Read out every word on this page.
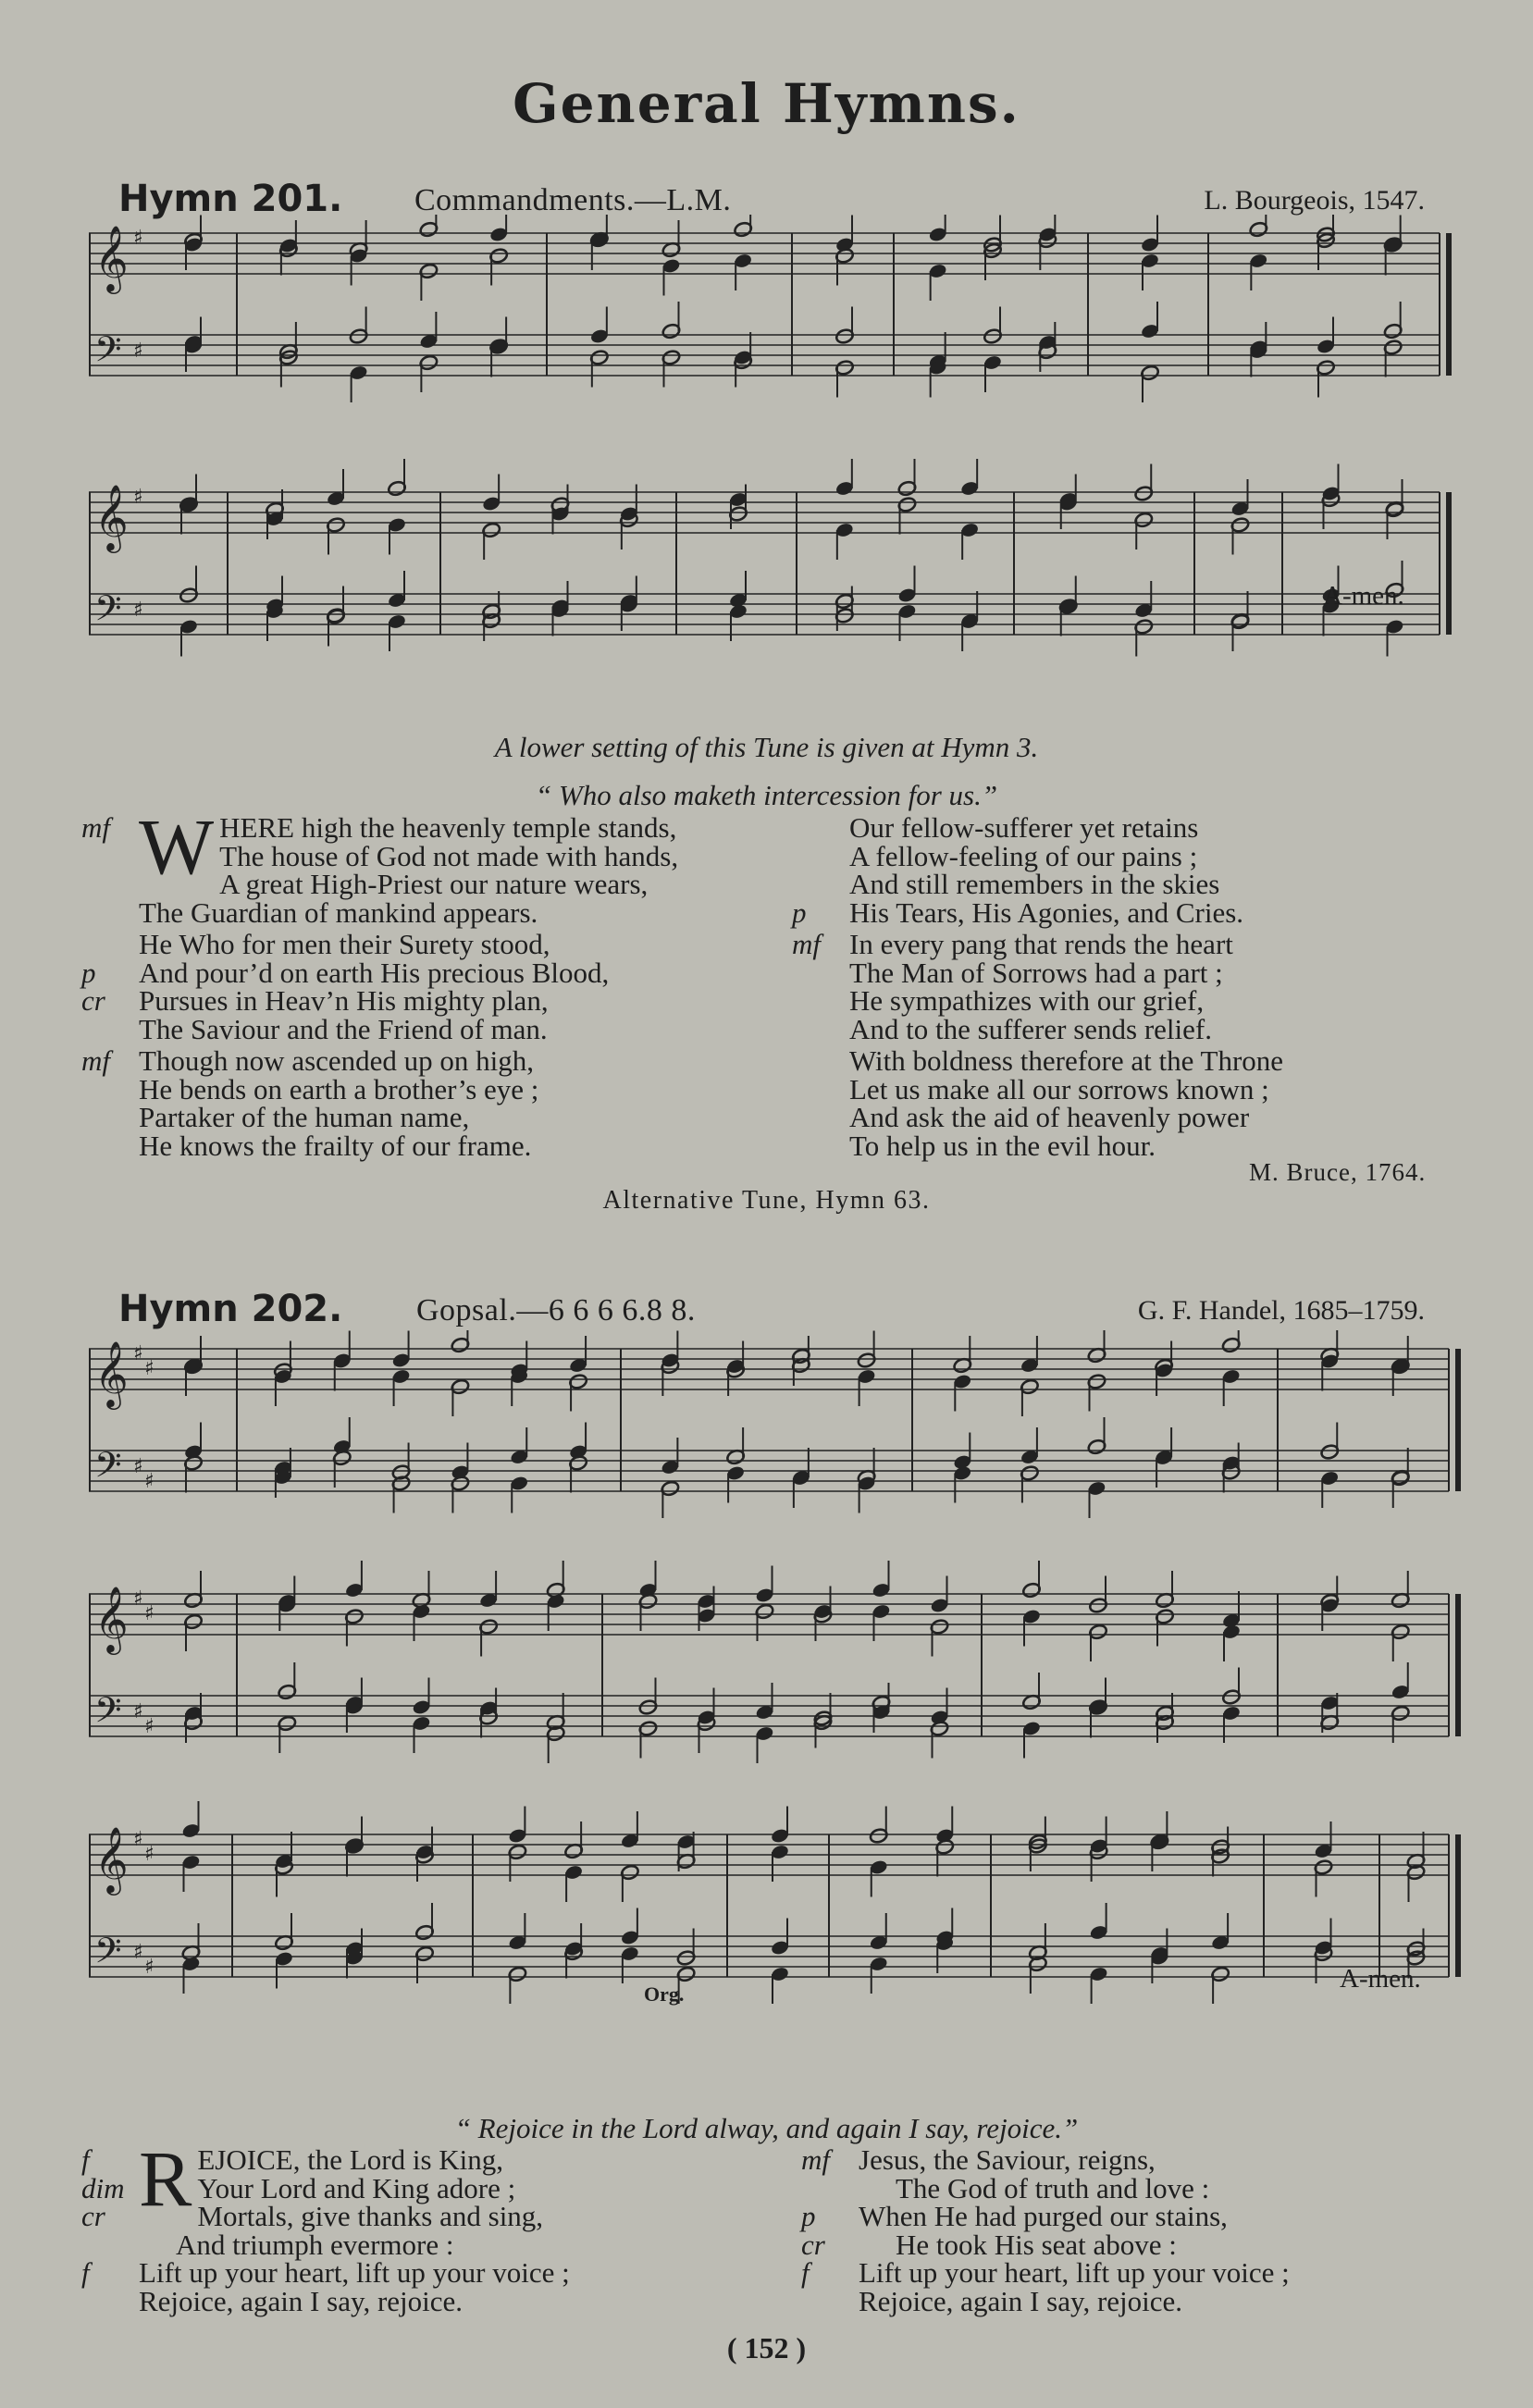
General Hymns.
Hymn 201. Commandments.—L.M.	L. Bourgeois, 1547.
𝄞 ♯
𝄢 ♯
𝄞 ♯
𝄢 ♯	A-men.
A lower setting of this Tune is given at Hymn 3.
“ Who also maketh intercession for us.”
W
mf	HERE high the heavenly temple stands,
The house of God not made with hands,
A great High-Priest our nature wears,
The Guardian of mankind appears.
He Who for men their Surety stood,
p And pour’d on earth His precious Blood,
cr Pursues in Heav’n His mighty plan,
The Saviour and the Friend of man.
mf Though now ascended up on high,
He bends on earth a brother’s eye ;
Partaker of the human name,
He knows the frailty of our frame.
Our fellow-sufferer yet retains
A fellow-feeling of our pains ;
And still remembers in the skies
p His Tears, His Agonies, and Cries.
mf In every pang that rends the heart
The Man of Sorrows had a part ;
He sympathizes with our grief,
And to the sufferer sends relief.
With boldness therefore at the Throne
Let us make all our sorrows known ;
And ask the aid of heavenly power
To help us in the evil hour.
M. Bruce, 1764.
Alternative Tune, Hymn 63.
Hymn 202. Gopsal.—6 6 6 6.8 8.	G. F. Handel, 1685–1759.
𝄞 ♯
♯
𝄢 ♯
♯
𝄞 ♯
♯
𝄢 ♯
♯
𝄞 ♯
♯
𝄢 ♯
♯
Org.
A-men.
“ Rejoice in the Lord alway, and again I say, rejoice.”
R
f	EJOICE, the Lord is King,
dim	Your Lord and King adore ;
cr	Mortals, give thanks and sing,
And triumph evermore :
f Lift up your heart, lift up your voice ;
Rejoice, again I say, rejoice.
mf Jesus, the Saviour, reigns,
The God of truth and love :
p When He had purged our stains,
cr He took His seat above :
f Lift up your heart, lift up your voice ;
Rejoice, again I say, rejoice.
( 152 )
